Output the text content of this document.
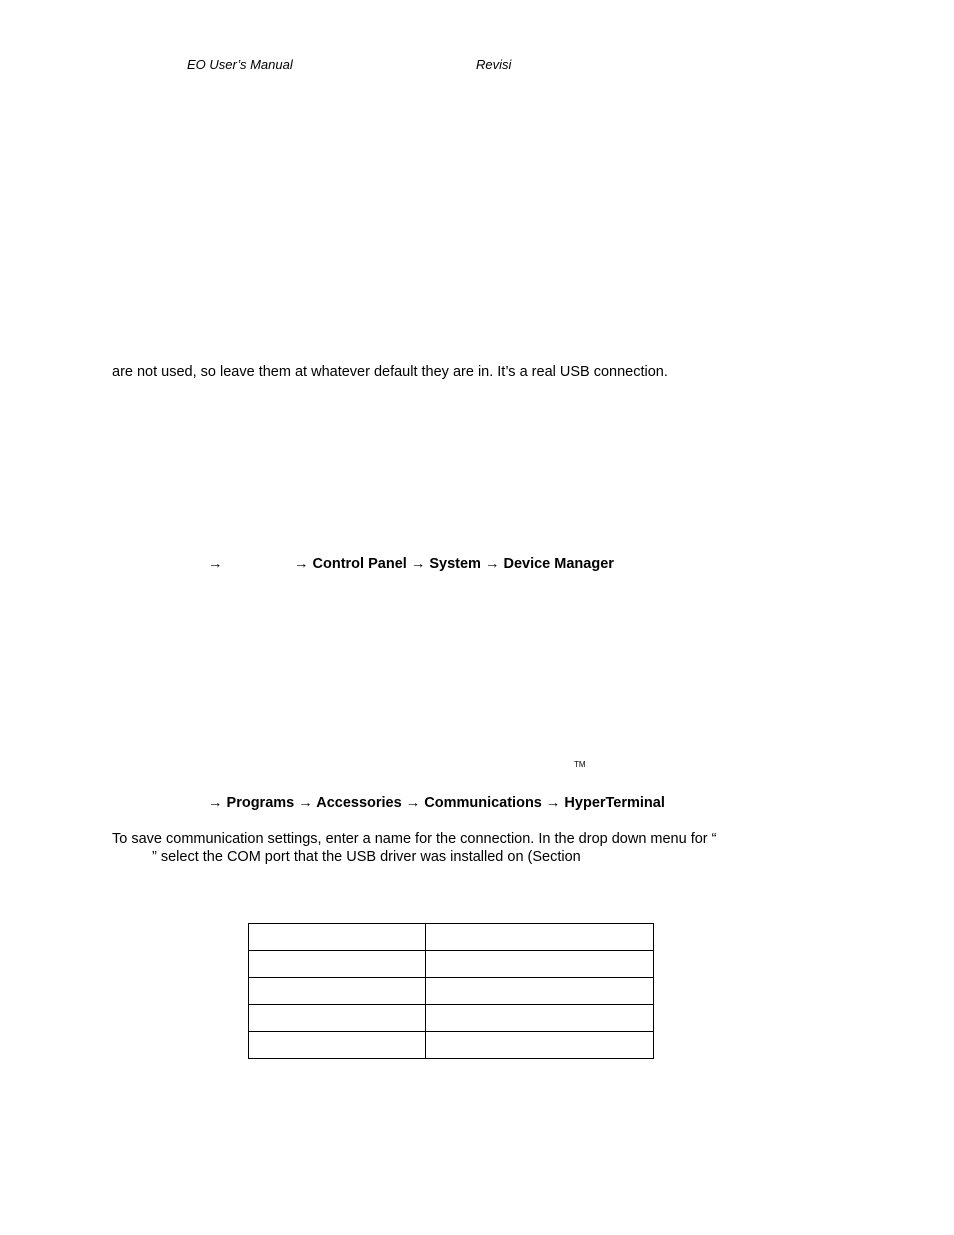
EO User’s Manual	Revisi
are not used, so leave them at whatever default they are in. It’s a real USB connection.
→	→ Control Panel → System → Device Manager
TM
→ Programs → Accessories → Communications → HyperTerminal
To save communication settings, enter a name for the connection. In the drop down menu for “
” select the COM port that the USB driver was installed on (Section
